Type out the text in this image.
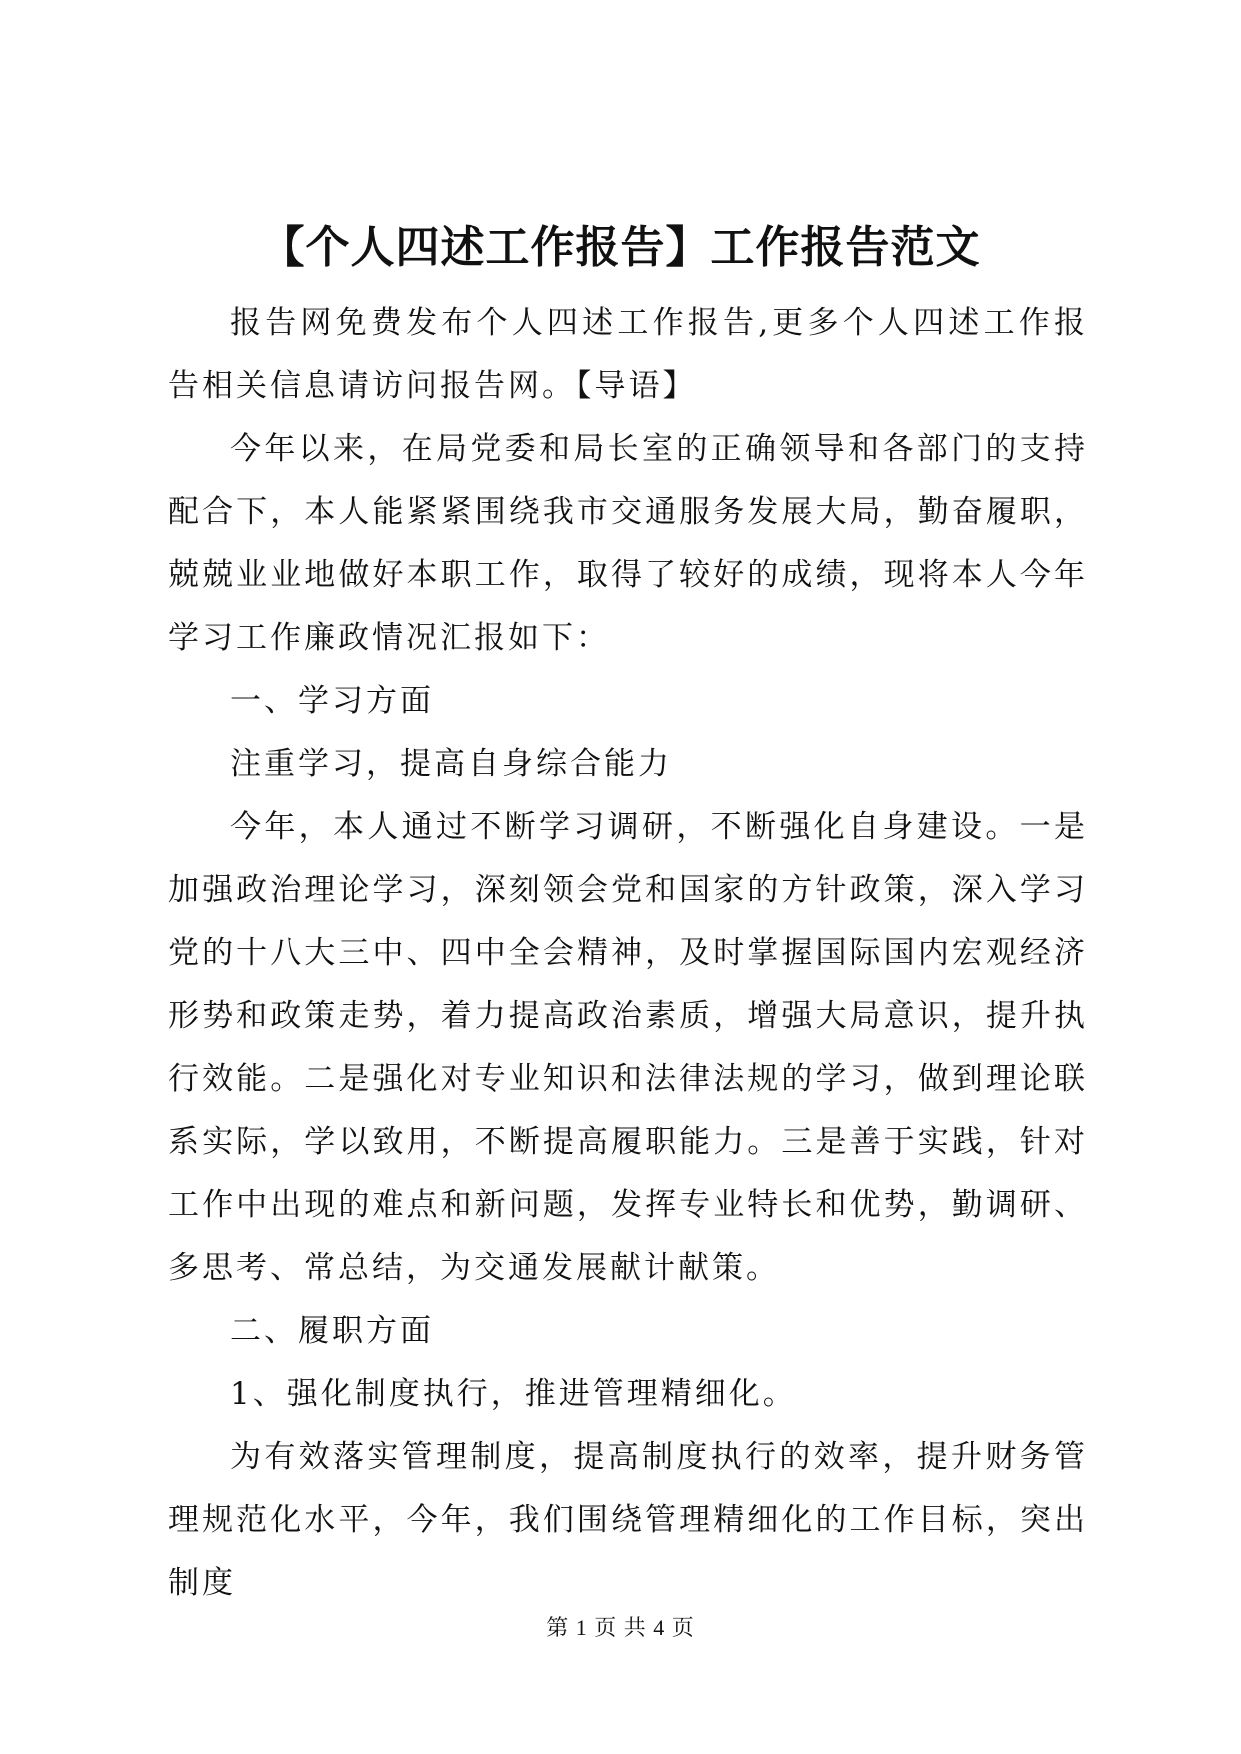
【个人四述工作报告】工作报告范文

报告网免费发布个人四述工作报告,更多个人四述工作报告相关信息请访问报告网。【导语】

今年以来，在局党委和局长室的正确领导和各部门的支持配合下，本人能紧紧围绕我市交通服务发展大局，勤奋履职，兢兢业业地做好本职工作，取得了较好的成绩，现将本人今年学习工作廉政情况汇报如下：

一、学习方面

注重学习，提高自身综合能力

今年，本人通过不断学习调研，不断强化自身建设。一是加强政治理论学习，深刻领会党和国家的方针政策，深入学习党的十八大三中、四中全会精神，及时掌握国际国内宏观经济形势和政策走势，着力提高政治素质，增强大局意识，提升执行效能。二是强化对专业知识和法律法规的学习，做到理论联系实际，学以致用，不断提高履职能力。三是善于实践，针对工作中出现的难点和新问题，发挥专业特长和优势，勤调研、多思考、常总结，为交通发展献计献策。

二、履职方面

1、强化制度执行，推进管理精细化。

为有效落实管理制度，提高制度执行的效率，提升财务管理规范化水平，今年，我们围绕管理精细化的工作目标，突出制度

第 1 页 共 4 页
